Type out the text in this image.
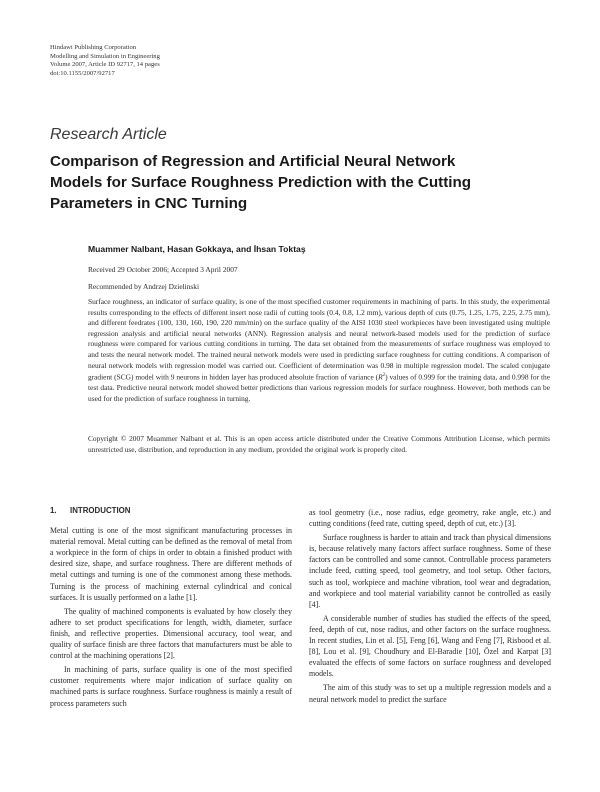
Hindawi Publishing Corporation
Modelling and Simulation in Engineering
Volume 2007, Article ID 92717, 14 pages
doi:10.1155/2007/92717
Research Article
Comparison of Regression and Artificial Neural Network
Models for Surface Roughness Prediction with the Cutting
Parameters in CNC Turning
Muammer Nalbant, Hasan Gokkaya, and İhsan Toktaş
Received 29 October 2006; Accepted 3 April 2007
Recommended by Andrzej Dzielinski
Surface roughness, an indicator of surface quality, is one of the most specified customer requirements in machining of parts. In this study, the experimental results corresponding to the effects of different insert nose radii of cutting tools (0.4, 0.8, 1.2 mm), various depth of cuts (0.75, 1.25, 1.75, 2.25, 2.75 mm), and different feedrates (100, 130, 160, 190, 220 mm/min) on the surface quality of the AISI 1030 steel workpieces have been investigated using multiple regression analysis and artificial neural networks (ANN). Regression analysis and neural network-based models used for the prediction of surface roughness were compared for various cutting conditions in turning. The data set obtained from the measurements of surface roughness was employed to and tests the neural network model. The trained neural network models were used in predicting surface roughness for cutting conditions. A comparison of neural network models with regression model was carried out. Coefficient of determination was 0.98 in multiple regression model. The scaled conjugate gradient (SCG) model with 9 neurons in hidden layer has produced absolute fraction of variance $(R^2)$ values of 0.999 for the training data, and 0.998 for the test data. Predictive neural network model showed better predictions than various regression models for surface roughness. However, both methods can be used for the prediction of surface roughness in turning.
Copyright © 2007 Muammer Nalbant et al. This is an open access article distributed under the Creative Commons Attribution License, which permits unrestricted use, distribution, and reproduction in any medium, provided the original work is properly cited.
1. INTRODUCTION

Metal cutting is one of the most significant manufacturing processes in material removal. Metal cutting can be defined as the removal of metal from a workpiece in the form of chips in order to obtain a finished product with desired size, shape, and surface roughness. There are different methods of metal cuttings and turning is one of the commonest among these methods. Turning is the process of machining external cylindrical and conical surfaces. It is usually performed on a lathe [1].

The quality of machined components is evaluated by how closely they adhere to set product specifications for length, width, diameter, surface finish, and reflective properties. Dimensional accuracy, tool wear, and quality of surface finish are three factors that manufacturers must be able to control at the machining operations [2].

In machining of parts, surface quality is one of the most specified customer requirements where major indication of surface quality on machined parts is surface roughness. Surface roughness is mainly a result of process parameters such

as tool geometry (i.e., nose radius, edge geometry, rake angle, etc.) and cutting conditions (feed rate, cutting speed, depth of cut, etc.) [3].

Surface roughness is harder to attain and track than physical dimensions is, because relatively many factors affect surface roughness. Some of these factors can be controlled and some cannot. Controllable process parameters include feed, cutting speed, tool geometry, and tool setup. Other factors, such as tool, workpiece and machine vibration, tool wear and degradation, and workpiece and tool material variability cannot be controlled as easily [4].

A considerable number of studies has studied the effects of the speed, feed, depth of cut, nose radius, and other factors on the surface roughness. In recent studies, Lin et al. [5], Feng [6], Wang and Feng [7], Risbood et al. [8], Lou et al. [9], Choudhury and El-Baradie [10], Özel and Karpat [3] evaluated the effects of some factors on surface roughness and developed models.

The aim of this study was to set up a multiple regression models and a neural network model to predict the surface
